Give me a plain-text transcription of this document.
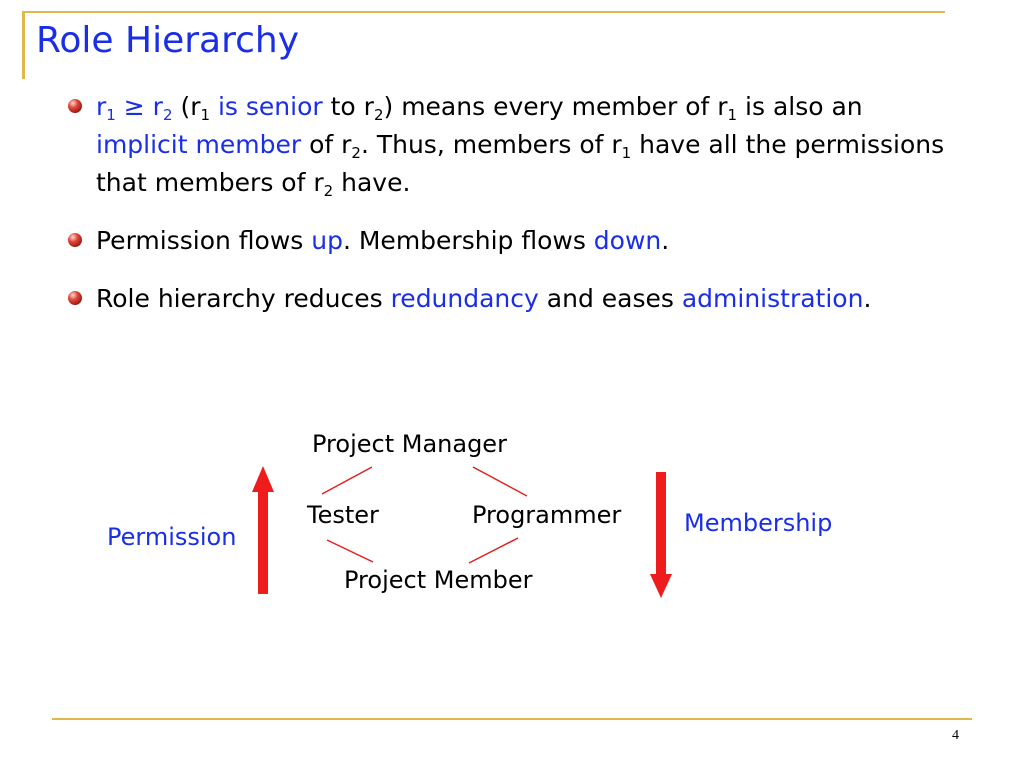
Role Hierarchy
$r_1 \ge r_2$ ($r_1$ is senior to $r_2$) means every member of $r_1$ is also an implicit member of $r_2$. Thus, members of $r_1$ have all the permissions that members of $r_2$ have.
Permission flows up. Membership flows down.
Role hierarchy reduces redundancy and eases administration.
Project Manager
Tester	Programmer
Project Member
Permission	Membership
4
